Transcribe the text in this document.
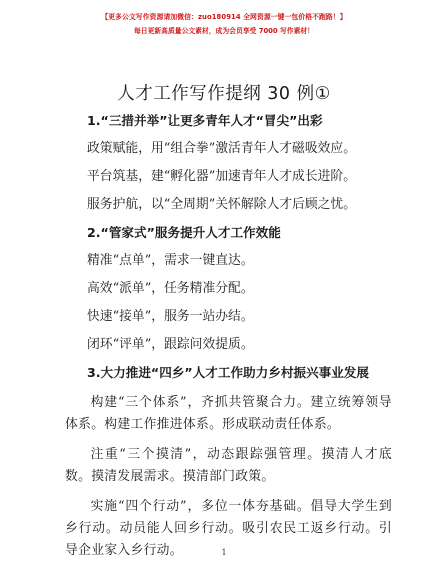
【更多公文写作资源请加微信：zuo180914 全网资源一键一包价格不跑路！】
每日更新高质量公文素材，成为会员享受 7000 写作素材！
人才工作写作提纲 30 例①
1.“三措并举”让更多青年人才“冒尖”出彩
政策赋能，用“组合拳”激活青年人才磁吸效应。
平台筑基，建“孵化器”加速青年人才成长进阶。
服务护航，以“全周期”关怀解除人才后顾之忧。
2.“管家式”服务提升人才工作效能
精准“点单”，需求一键直达。
高效“派单”，任务精准分配。
快速“接单”，服务一站办结。
闭环“评单”，跟踪问效提质。
3.大力推进“四乡”人才工作助力乡村振兴事业发展
构建“三个体系”，齐抓共管聚合力。建立统筹领导体系。构建工作推进体系。形成联动责任体系。
注重“三个摸清”，动态跟踪强管理。摸清人才底数。摸清发展需求。摸清部门政策。
实施“四个行动”，多位一体夯基础。倡导大学生到乡行动。动员能人回乡行动。吸引农民工返乡行动。引导企业家入乡行动。	1
